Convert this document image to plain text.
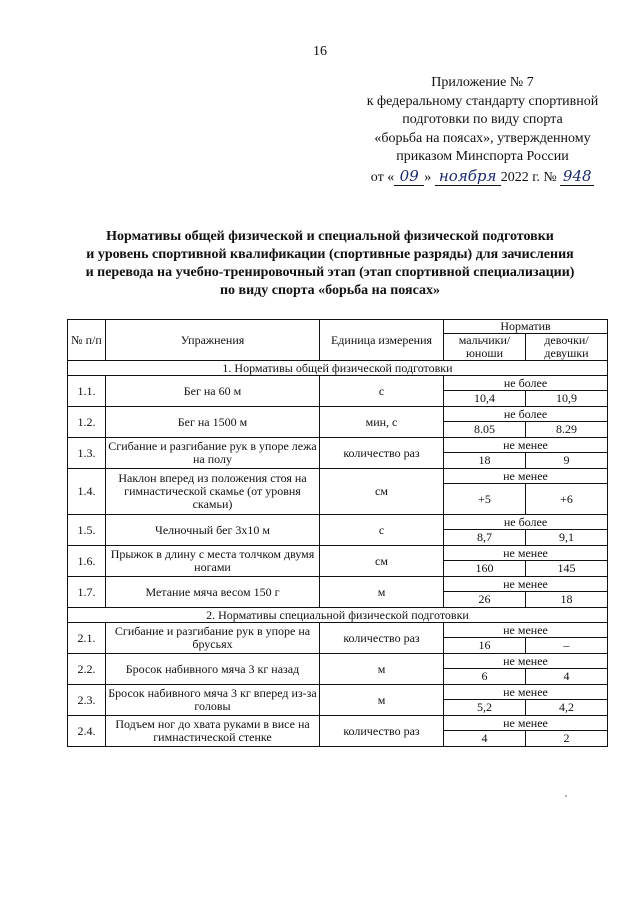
16
Приложение № 7
к федеральному стандарту спортивной
подготовки по виду спорта
«борьба на поясах», утвержденному
приказом Минспорта России
от « 09 » ноября 2022 г. № 948
Нормативы общей физической и специальной физической подготовки
и уровень спортивной квалификации (спортивные разряды) для зачисления
и перевода на учебно-тренировочный этап (этап спортивной специализации)
по виду спорта «борьба на поясах»
№ п/п	Упражнения	Единица измерения	Норматив	
			мальчики/ юноши	девочки/ девушки
1. Нормативы общей физической подготовки				
1.1.	Бег на 60 м	с	не более	
			10,4	10,9
1.2.	Бег на 1500 м	мин, с	не более	
			8.05	8.29
1.3.	Сгибание и разгибание рук в упоре лежа на полу	количество раз	не менее	
			18	9
1.4.	Наклон вперед из положения стоя на гимнастической скамье (от уровня скамьи)	см	не менее	
			+5	+6
1.5.	Челночный бег 3х10 м	с	не более	
			8,7	9,1
1.6.	Прыжок в длину с места толчком двумя ногами	см	не менее	
			160	145
1.7.	Метание мяча весом 150 г	м	не менее	
			26	18
2. Нормативы специальной физической подготовки				
2.1.	Сгибание и разгибание рук в упоре на брусьях	количество раз	не менее	
			16	–
2.2.	Бросок набивного мяча 3 кг назад	м	не менее	
			6	4
2.3.	Бросок набивного мяча 3 кг вперед из-за головы	м	не менее	
			5,2	4,2
2.4.	Подъем ног до хвата руками в висе на гимнастической стенке	количество раз	не менее	
			4	2
